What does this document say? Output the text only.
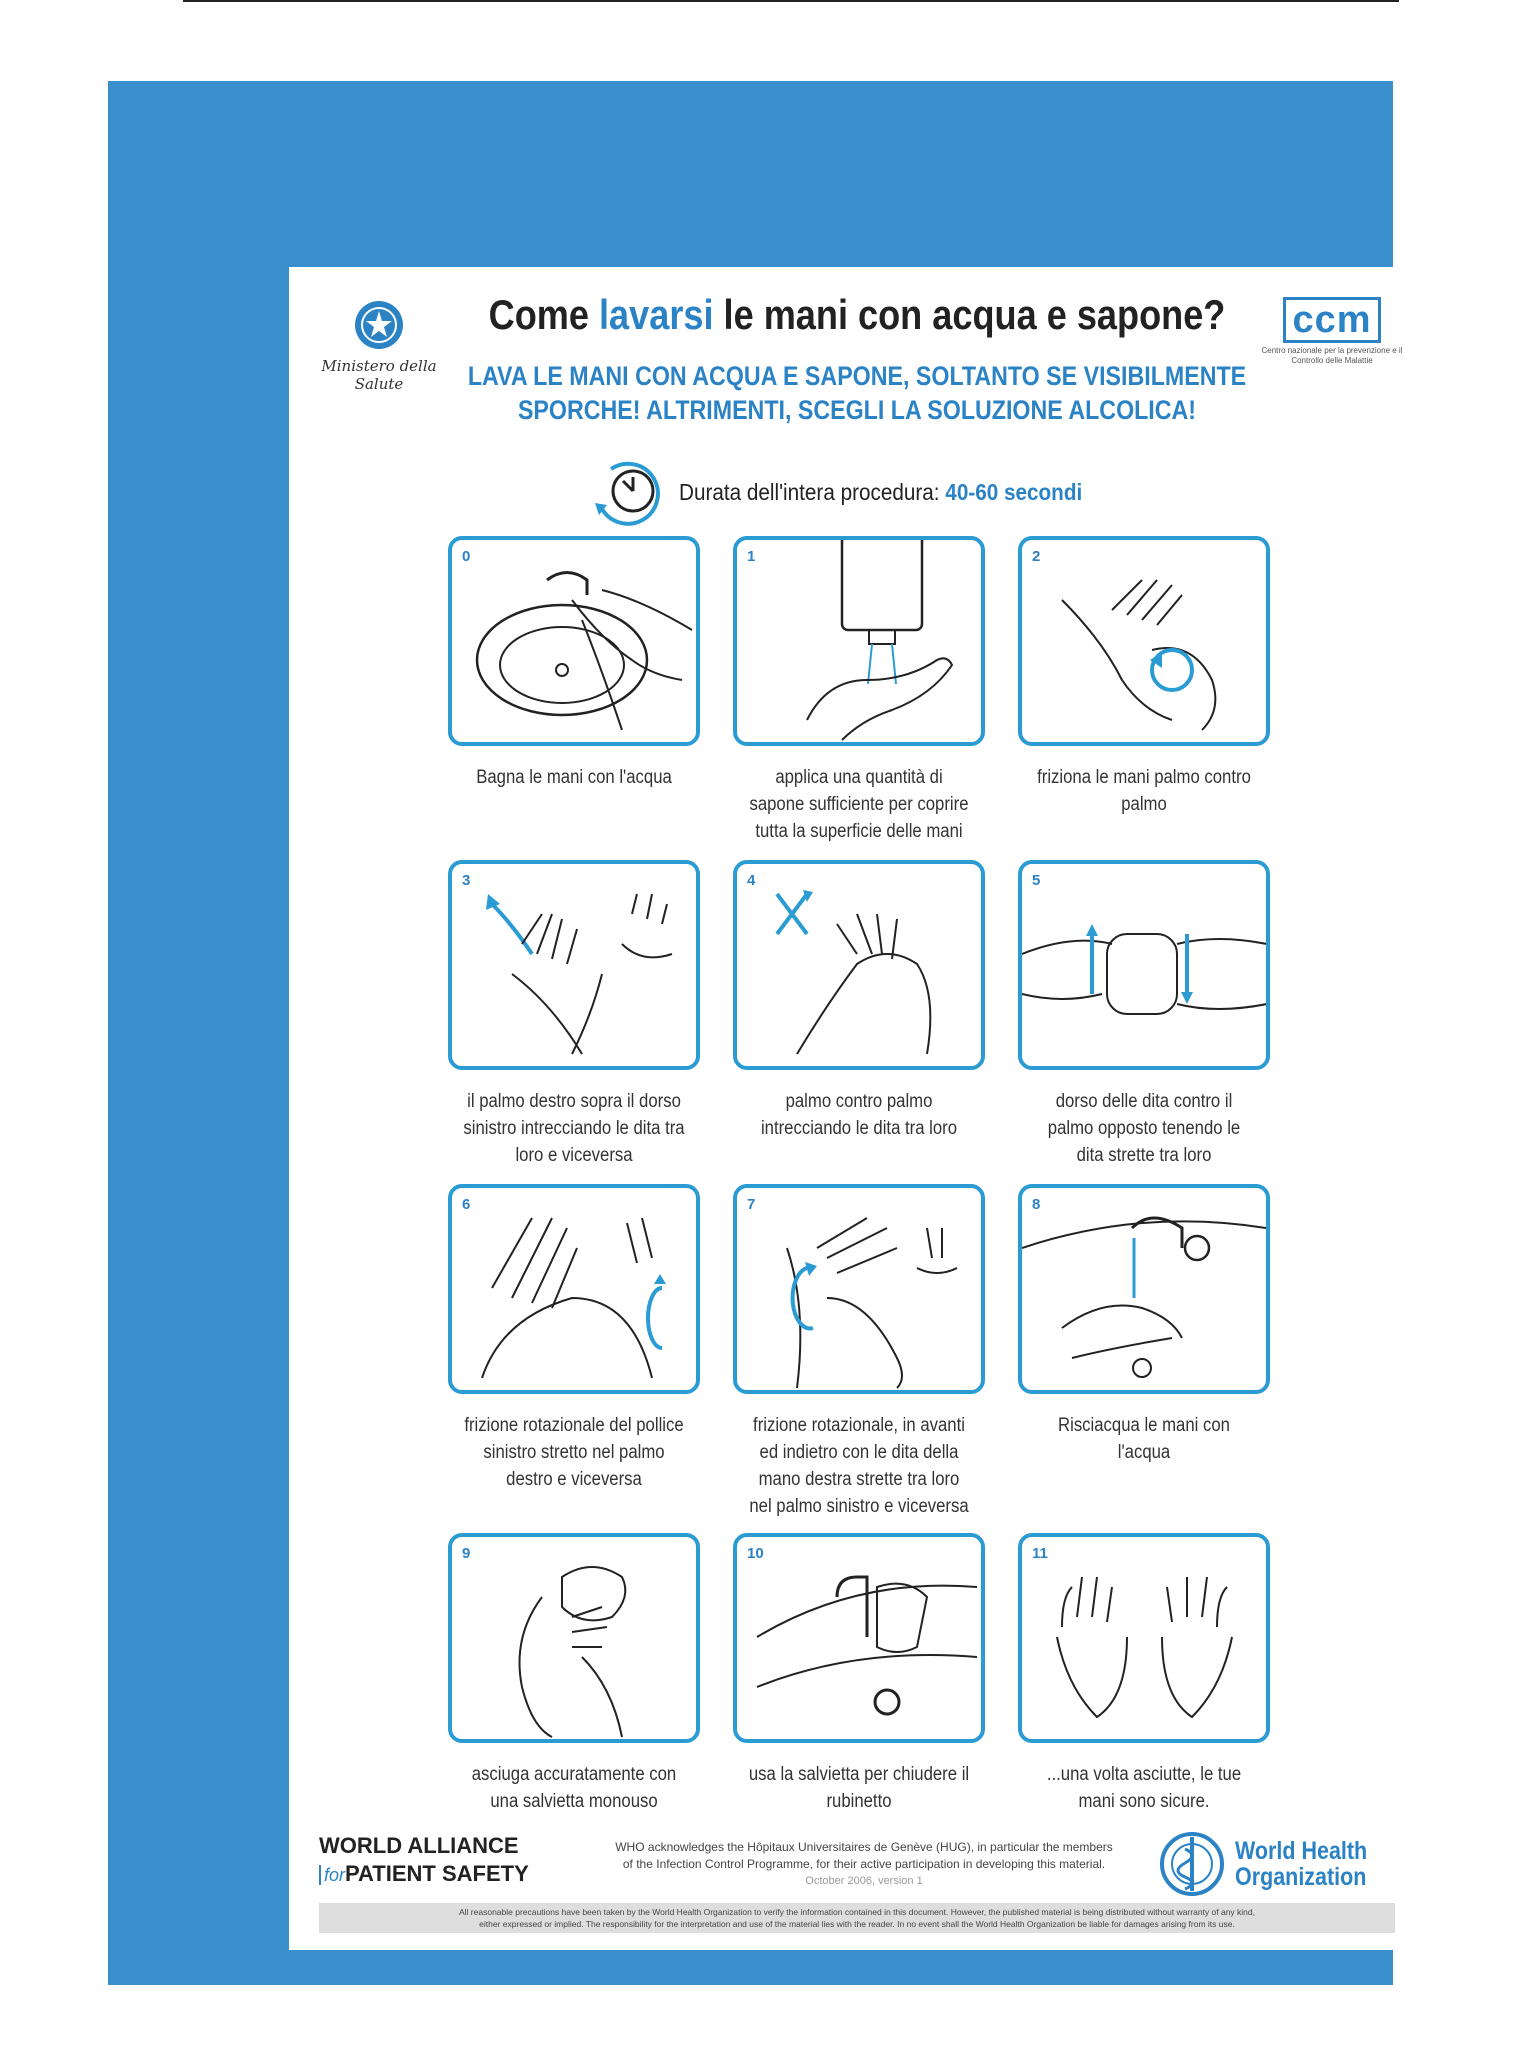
Ministero della Salute
Come lavarsi le mani con acqua e sapone?	ccm
Centro nazionale per la prevenzione e il Controllo delle Malattie
LAVA LE MANI CON ACQUA E SAPONE, SOLTANTO SE VISIBILMENTE
SPORCHE! ALTRIMENTI, SCEGLI LA SOLUZIONE ALCOLICA!
Durata dell'intera procedura: 40-60 secondi
0
Bagna le mani con l'acqua
1
applica una quantità di sapone sufficiente per coprire tutta la superficie delle mani
2
friziona le mani palmo contro palmo
3
il palmo destro sopra il dorso sinistro intrecciando le dita tra loro e viceversa
4
palmo contro palmo intrecciando le dita tra loro
5
dorso delle dita contro il palmo opposto tenendo le dita strette tra loro
6
frizione rotazionale del pollice sinistro stretto nel palmo destro e viceversa
7
frizione rotazionale, in avanti ed indietro con le dita della mano destra strette tra loro nel palmo sinistro e viceversa
8
Risciacqua le mani con l'acqua
9
asciuga accuratamente con una salvietta monouso
10
usa la salvietta per chiudere il rubinetto
11
...una volta asciutte, le tue mani sono sicure.
WORLD ALLIANCE
forPATIENT SAFETY
WHO acknowledges the Hôpitaux Universitaires de Genève (HUG), in particular the members
of the Infection Control Programme, for their active participation in developing this material.
October 2006, version 1
World Health
Organization
All reasonable precautions have been taken by the World Health Organization to verify the information contained in this document. However, the published material is being distributed without warranty of any kind,
either expressed or implied. The responsibility for the interpretation and use of the material lies with the reader. In no event shall the World Health Organization be liable for damages arising from its use.
